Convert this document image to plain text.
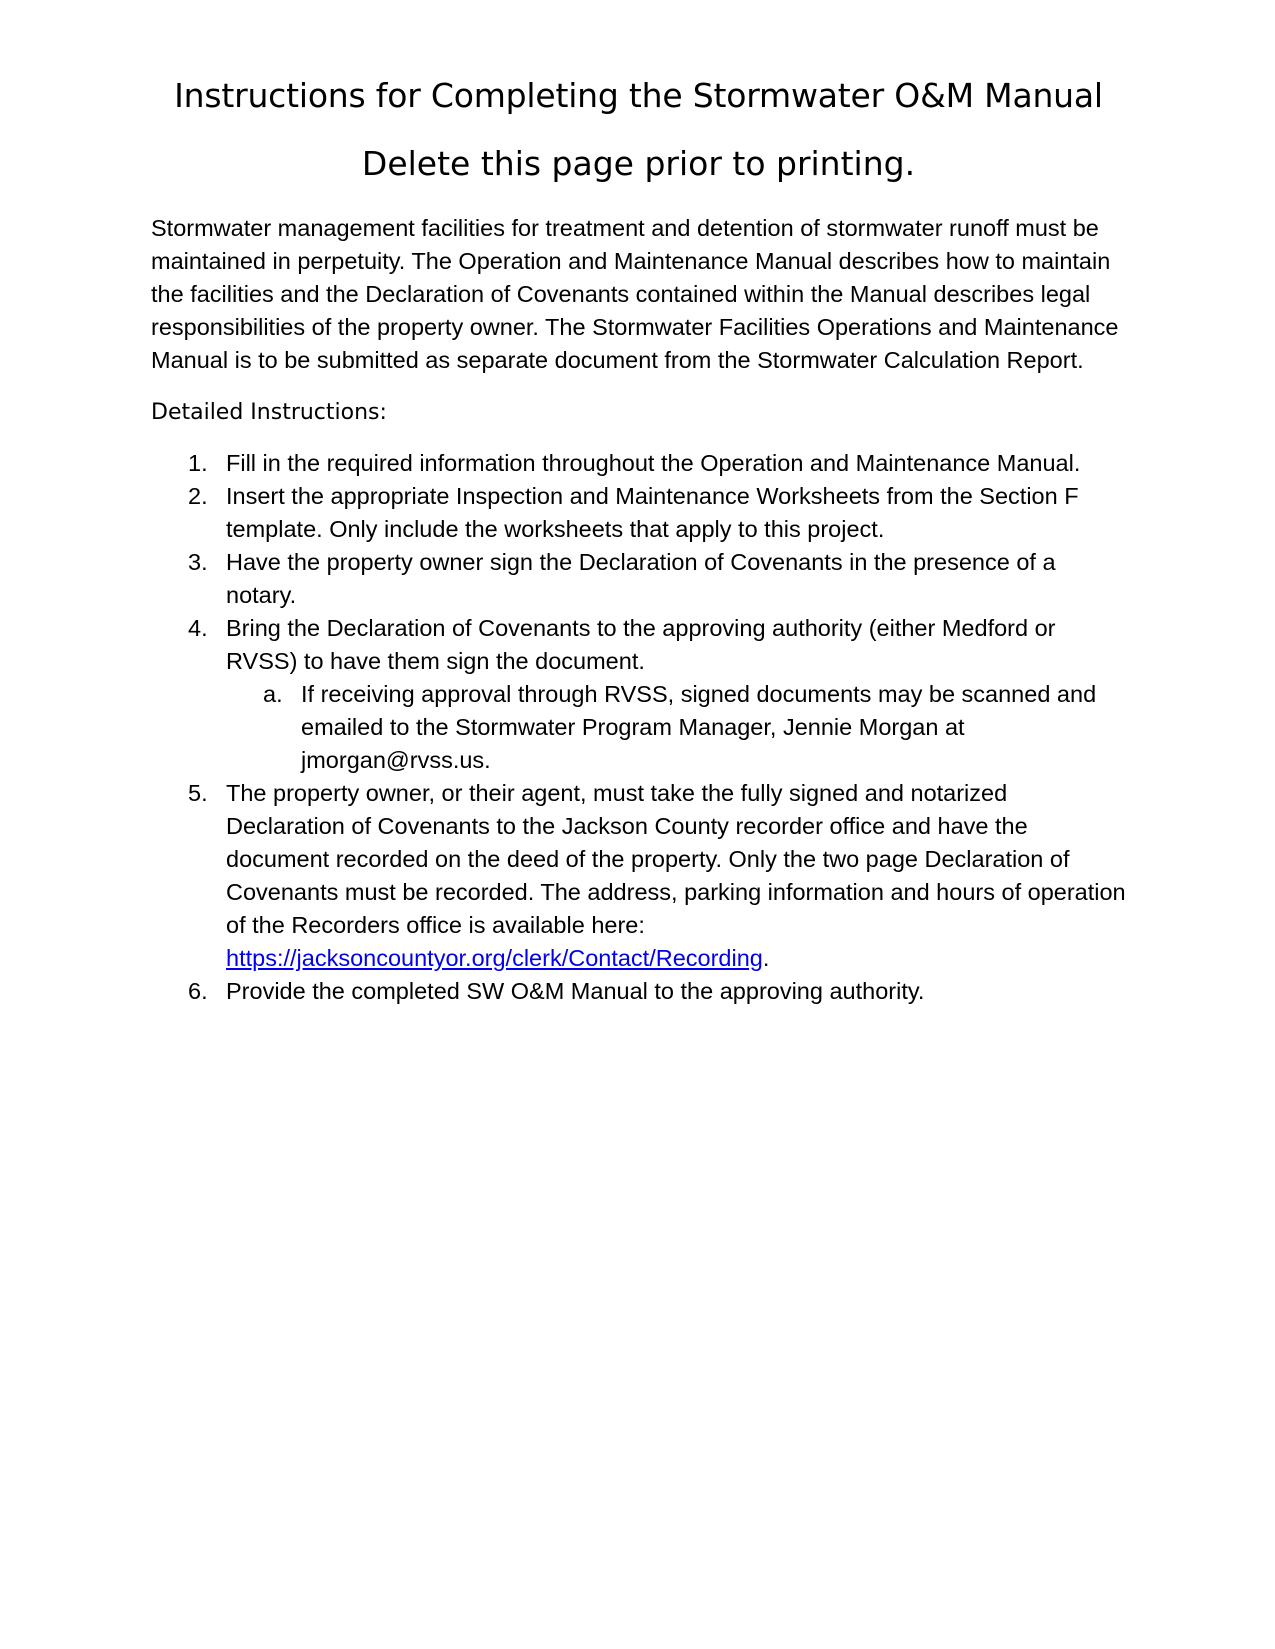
Instructions for Completing the Stormwater O&M Manual
Delete this page prior to printing.

Stormwater management facilities for treatment and detention of stormwater runoff must be maintained in perpetuity. The Operation and Maintenance Manual describes how to maintain the facilities and the Declaration of Covenants contained within the Manual describes legal responsibilities of the property owner. The Stormwater Facilities Operations and Maintenance Manual is to be submitted as separate document from the Stormwater Calculation Report.

Detailed Instructions:
1. Fill in the required information throughout the Operation and Maintenance Manual.
2. Insert the appropriate Inspection and Maintenance Worksheets from the Section F template. Only include the worksheets that apply to this project.
3. Have the property owner sign the Declaration of Covenants in the presence of a notary.
4. Bring the Declaration of Covenants to the approving authority (either Medford or RVSS) to have them sign the document.
a. If receiving approval through RVSS, signed documents may be scanned and emailed to the Stormwater Program Manager, Jennie Morgan at jmorgan@rvss.us.
5. The property owner, or their agent, must take the fully signed and notarized Declaration of Covenants to the Jackson County recorder office and have the document recorded on the deed of the property. Only the two page Declaration of Covenants must be recorded. The address, parking information and hours of operation of the Recorders office is available here: https://jacksoncountyor.org/clerk/Contact/Recording.
6. Provide the completed SW O&M Manual to the approving authority.
